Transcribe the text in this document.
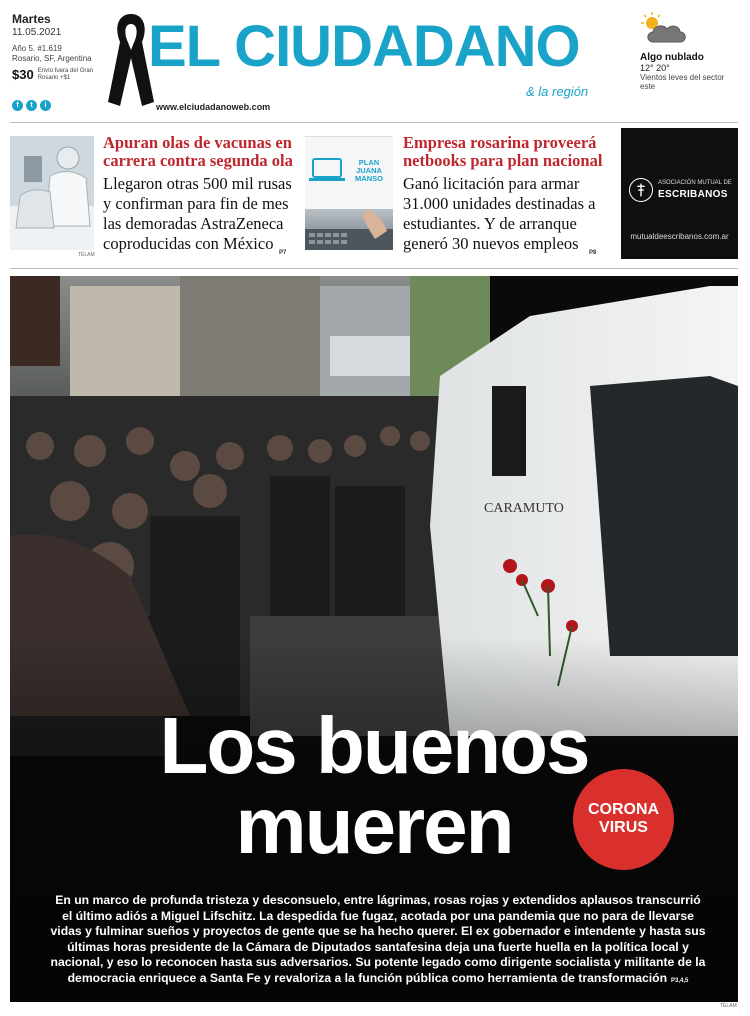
Martes
11.05.2021
Año 5. #1.619
Rosario, SF, Argentina
$30 Envío fuera del Gran Rosario +$1
f	t	i
EL CIUDADANO
& la región
www.elciudadanoweb.com
Algo nublado
12° 20°
Vientos leves del sector este
TÉLAM
Apuran olas de vacunas en carrera contra segunda ola

Llegaron otras 500 mil rusas y confirman para fin de mes las demoradas AstraZeneca coproducidas con México P7
PLAN JUANA MANSO
Empresa rosarina proveerá netbooks para plan nacional

Ganó licitación para armar 31.000 unidades destinadas a estudiantes. Y de arranque generó 30 nuevos empleos	P8
ASOCIACIÓN MUTUAL DE
ESCRIBANOS
mutualdeescribanos.com.ar
CARAMUTO
Los buenos
mueren	CORONA
VIRUS

En un marco de profunda tristeza y desconsuelo, entre lágrimas, rosas rojas y extendidos aplausos transcurrió el último adiós a Miguel Lifschitz. La despedida fue fugaz, acotada por una pandemia que no para de llevarse vidas y fulminar sueños y proyectos de gente que se ha hecho querer. El ex gobernador e intendente y hasta sus últimas horas presidente de la Cámara de Diputados santafesina deja una fuerte huella en la política local y nacional, y eso lo reconocen hasta sus adversarios. Su potente legado como dirigente socialista y militante de la democracia enriquece a Santa Fe y revaloriza a la función pública como herramienta de transformación P3,4,5

TÉLAM
